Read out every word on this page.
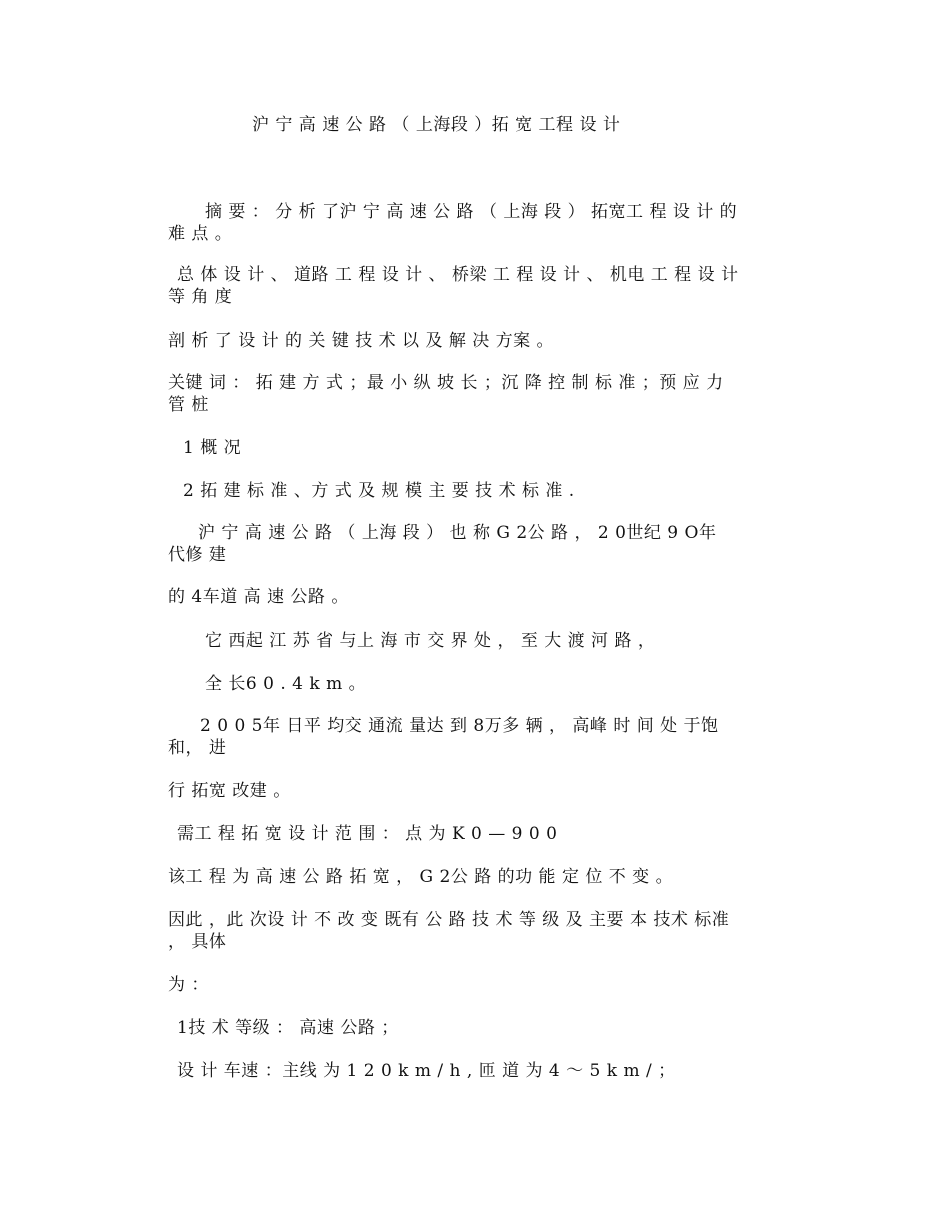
沪 宁 高 速 公 路 （ 上海段 ）拓 宽 工程 设 计
摘 要 ： 分 析 了沪 宁 高 速 公 路 （ 上海 段 ） 拓宽工 程 设 计 的
难 点 。
总 体 设 计 、 道路 工 程 设 计 、 桥梁 工 程 设 计 、 机电 工 程 设 计
等 角 度
剖 析 了 设 计 的 关 键 技 术 以 及 解 决 方案 。
关键 词 ： 拓 建 方 式 ；最 小 纵 坡 长 ；沉 降 控 制 标 准 ；预 应 力
管 桩
1 概 况
2 拓 建 标 准 、方 式 及 规 模 主 要 技 术 标 准 .
沪 宁 高 速 公 路 （ 上海 段 ） 也 称 G 2公 路 ， 2 0世纪 9 O年
代修 建
的 4车道 高 速 公路 。
它 西起 江 苏 省 与上 海 市 交 界 处 ， 至 大 渡 河 路 ，
全 长6 0 . 4 k m 。
2 0 0 5年 日平 均交 通流 量达 到 8万多 辆 ， 高峰 时 间 处 于饱
和， 进
行 拓宽 改建 。
需工 程 拓 宽 设 计 范 围 ： 点 为 K 0 — 9 0 0
该工 程 为 高 速 公 路 拓 宽 ， G 2公 路 的功 能 定 位 不 变 。
因此 ，此 次设 计 不 改 变 既有 公 路 技 术 等 级 及 主要 本 技术 标准
， 具体
为 ：
1技 术 等级 ： 高速 公路 ；
设 计 车速 ：主线 为 1 2 0 k m / h , 匝 道 为 4 ～ 5 k m / ；
